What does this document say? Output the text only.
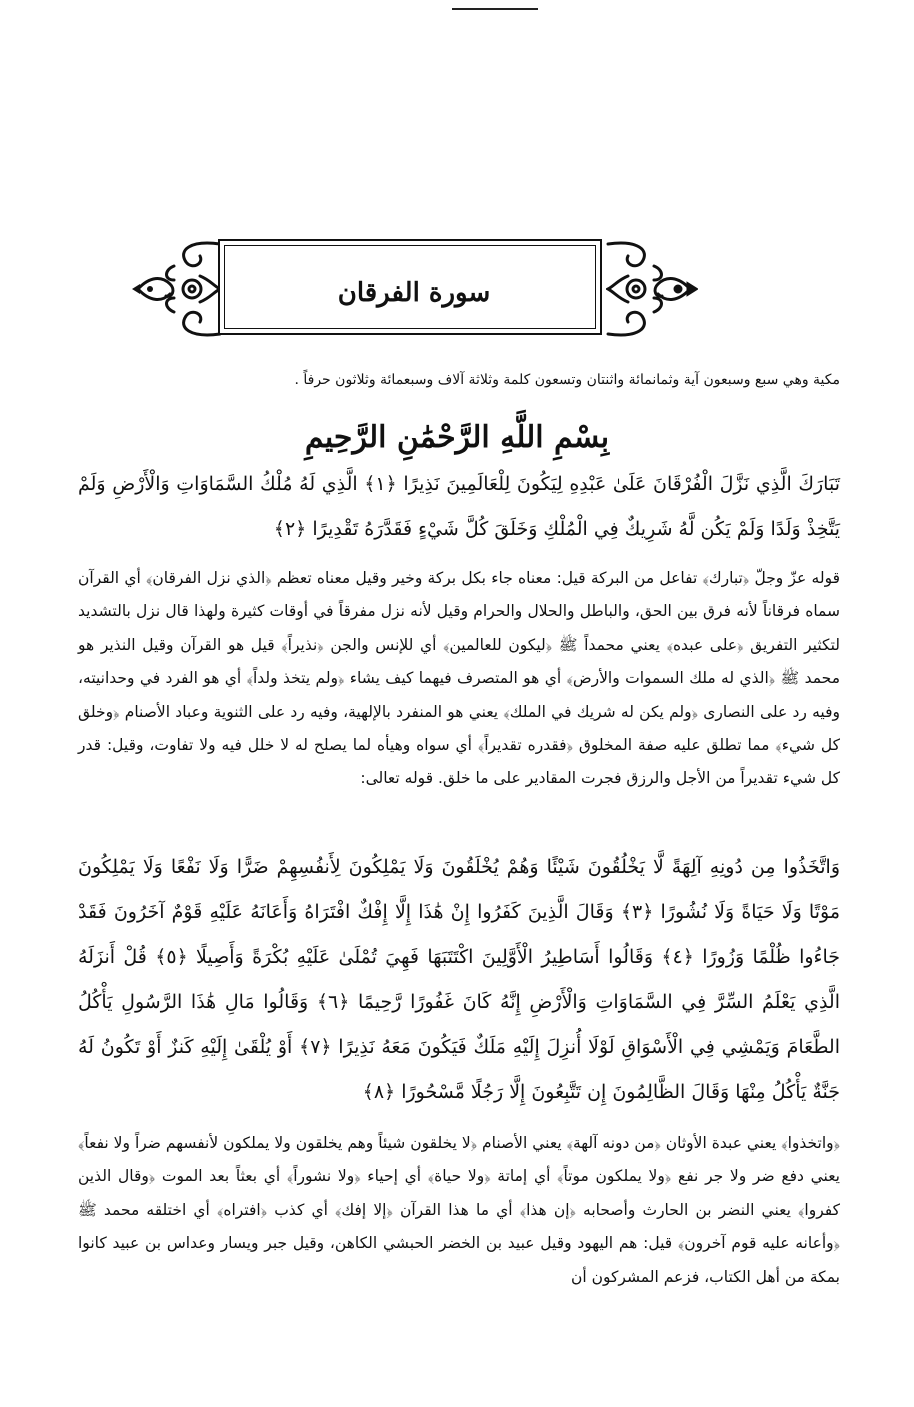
سورة الفرقان
مكية وهي سبع وسبعون آية وثمانمائة واثنتان وتسعون كلمة وثلاثة آلاف وسبعمائة وثلاثون حرفاً .
بِسْمِ اللَّهِ الرَّحْمَٰنِ الرَّحِيمِ
تَبَارَكَ الَّذِي نَزَّلَ الْفُرْقَانَ عَلَىٰ عَبْدِهِ لِيَكُونَ لِلْعَالَمِينَ نَذِيرًا ﴿١﴾ الَّذِي لَهُ مُلْكُ السَّمَاوَاتِ وَالْأَرْضِ وَلَمْ يَتَّخِذْ وَلَدًا وَلَمْ يَكُن لَّهُ شَرِيكٌ فِي الْمُلْكِ وَخَلَقَ كُلَّ شَيْءٍ فَقَدَّرَهُ تَقْدِيرًا ﴿٢﴾
قوله عزّ وجلّ ﴿تبارك﴾ تفاعل من البركة قيل: معناه جاء بكل بركة وخير وقيل معناه تعظم ﴿الذي نزل الفرقان﴾ أي القرآن سماه فرقاناً لأنه فرق بين الحق، والباطل والحلال والحرام وقيل لأنه نزل مفرقاً في أوقات كثيرة ولهذا قال نزل بالتشديد لتكثير التفريق ﴿على عبده﴾ يعني محمداً ﷺ ﴿ليكون للعالمين﴾ أي للإنس والجن ﴿نذيراً﴾ قيل هو القرآن وقيل النذير هو محمد ﷺ ﴿الذي له ملك السموات والأرض﴾ أي هو المتصرف فيهما كيف يشاء ﴿ولم يتخذ ولداً﴾ أي هو الفرد في وحدانيته، وفيه رد على النصارى ﴿ولم يكن له شريك في الملك﴾ يعني هو المنفرد بالإلهية، وفيه رد على الثنوية وعباد الأصنام ﴿وخلق كل شيء﴾ مما تطلق عليه صفة المخلوق ﴿فقدره تقديراً﴾ أي سواه وهيأه لما يصلح له لا خلل فيه ولا تفاوت، وقيل: قدر كل شيء تقديراً من الأجل والرزق فجرت المقادير على ما خلق. قوله تعالى:
وَاتَّخَذُوا مِن دُونِهِ آلِهَةً لَّا يَخْلُقُونَ شَيْئًا وَهُمْ يُخْلَقُونَ وَلَا يَمْلِكُونَ لِأَنفُسِهِمْ ضَرًّا وَلَا نَفْعًا وَلَا يَمْلِكُونَ مَوْتًا وَلَا حَيَاةً وَلَا نُشُورًا ﴿٣﴾ وَقَالَ الَّذِينَ كَفَرُوا إِنْ هَٰذَا إِلَّا إِفْكٌ افْتَرَاهُ وَأَعَانَهُ عَلَيْهِ قَوْمٌ آخَرُونَ فَقَدْ جَاءُوا ظُلْمًا وَزُورًا ﴿٤﴾ وَقَالُوا أَسَاطِيرُ الْأَوَّلِينَ اكْتَتَبَهَا فَهِيَ تُمْلَىٰ عَلَيْهِ بُكْرَةً وَأَصِيلًا ﴿٥﴾ قُلْ أَنزَلَهُ الَّذِي يَعْلَمُ السِّرَّ فِي السَّمَاوَاتِ وَالْأَرْضِ إِنَّهُ كَانَ غَفُورًا رَّحِيمًا ﴿٦﴾ وَقَالُوا مَالِ هَٰذَا الرَّسُولِ يَأْكُلُ الطَّعَامَ وَيَمْشِي فِي الْأَسْوَاقِ لَوْلَا أُنزِلَ إِلَيْهِ مَلَكٌ فَيَكُونَ مَعَهُ نَذِيرًا ﴿٧﴾ أَوْ يُلْقَىٰ إِلَيْهِ كَنزٌ أَوْ تَكُونُ لَهُ جَنَّةٌ يَأْكُلُ مِنْهَا وَقَالَ الظَّالِمُونَ إِن تَتَّبِعُونَ إِلَّا رَجُلًا مَّسْحُورًا ﴿٨﴾
﴿واتخذوا﴾ يعني عبدة الأوثان ﴿من دونه آلهة﴾ يعني الأصنام ﴿لا يخلقون شيئاً وهم يخلقون ولا يملكون لأنفسهم ضراً ولا نفعاً﴾ يعني دفع ضر ولا جر نفع ﴿ولا يملكون موتاً﴾ أي إماتة ﴿ولا حياة﴾ أي إحياء ﴿ولا نشوراً﴾ أي بعثاً بعد الموت ﴿وقال الذين كفروا﴾ يعني النضر بن الحارث وأصحابه ﴿إن هذا﴾ أي ما هذا القرآن ﴿إلا إفك﴾ أي كذب ﴿افتراه﴾ أي اختلقه محمد ﷺ ﴿وأعانه عليه قوم آخرون﴾ قيل: هم اليهود وقيل عبيد بن الخضر الحبشي الكاهن، وقيل جبر ويسار وعداس بن عبيد كانوا بمكة من أهل الكتاب، فزعم المشركون أن
